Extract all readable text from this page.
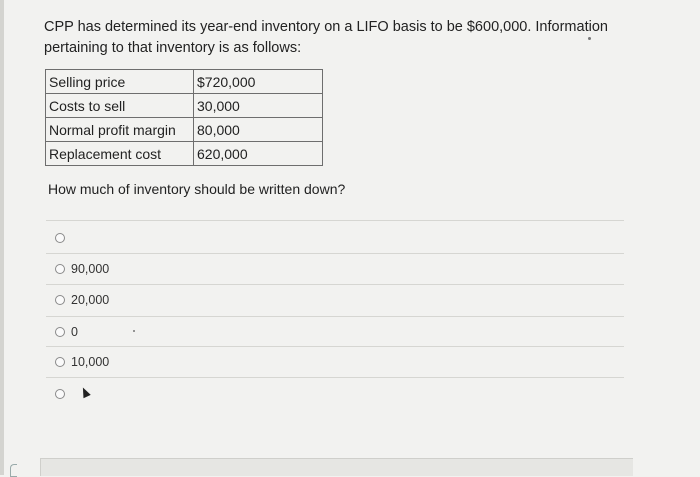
CPP has determined its year-end inventory on a LIFO basis to be $600,000. Information pertaining to that inventory is as follows:
Selling price	$720,000
Costs to sell	30,000
Normal profit margin	80,000
Replacement cost	620,000
How much of inventory should be written down?
90,000
20,000
0
10,000
